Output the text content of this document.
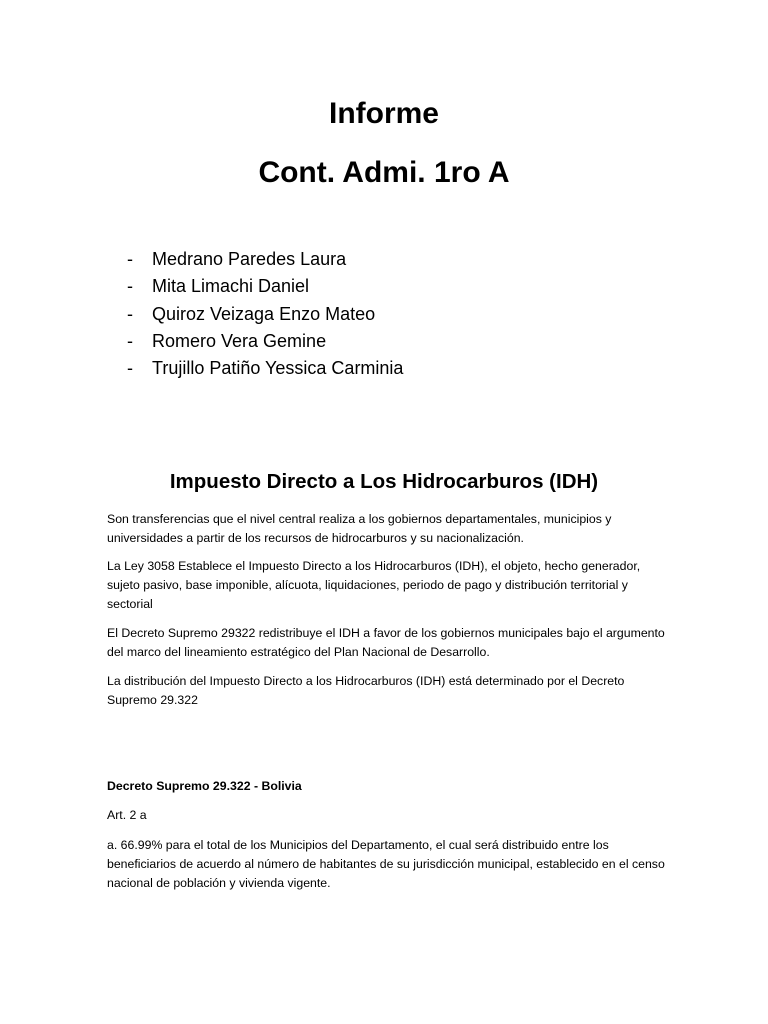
Informe
Cont. Admi. 1ro A
-	Medrano Paredes Laura
-	Mita Limachi Daniel
-	Quiroz Veizaga Enzo Mateo
-	Romero Vera Gemine
-	Trujillo Patiño Yessica Carminia
Impuesto Directo a Los Hidrocarburos (IDH)

Son transferencias que el nivel central realiza a los gobiernos departamentales, municipios y universidades a partir de los recursos de hidrocarburos y su nacionalización.

La Ley 3058 Establece el Impuesto Directo a los Hidrocarburos (IDH), el objeto, hecho generador, sujeto pasivo, base imponible, alícuota, liquidaciones, periodo de pago y distribución territorial y sectorial

El Decreto Supremo 29322 redistribuye el IDH a favor de los gobiernos municipales bajo el argumento del marco del lineamiento estratégico del Plan Nacional de Desarrollo.

La distribución del Impuesto Directo a los Hidrocarburos (IDH) está determinado por el Decreto Supremo 29.322

Decreto Supremo 29.322 - Bolivia

Art. 2 a

a. 66.99% para el total de los Municipios del Departamento, el cual será distribuido entre los beneficiarios de acuerdo al número de habitantes de su jurisdicción municipal, establecido en el censo nacional de población y vivienda vigente.
